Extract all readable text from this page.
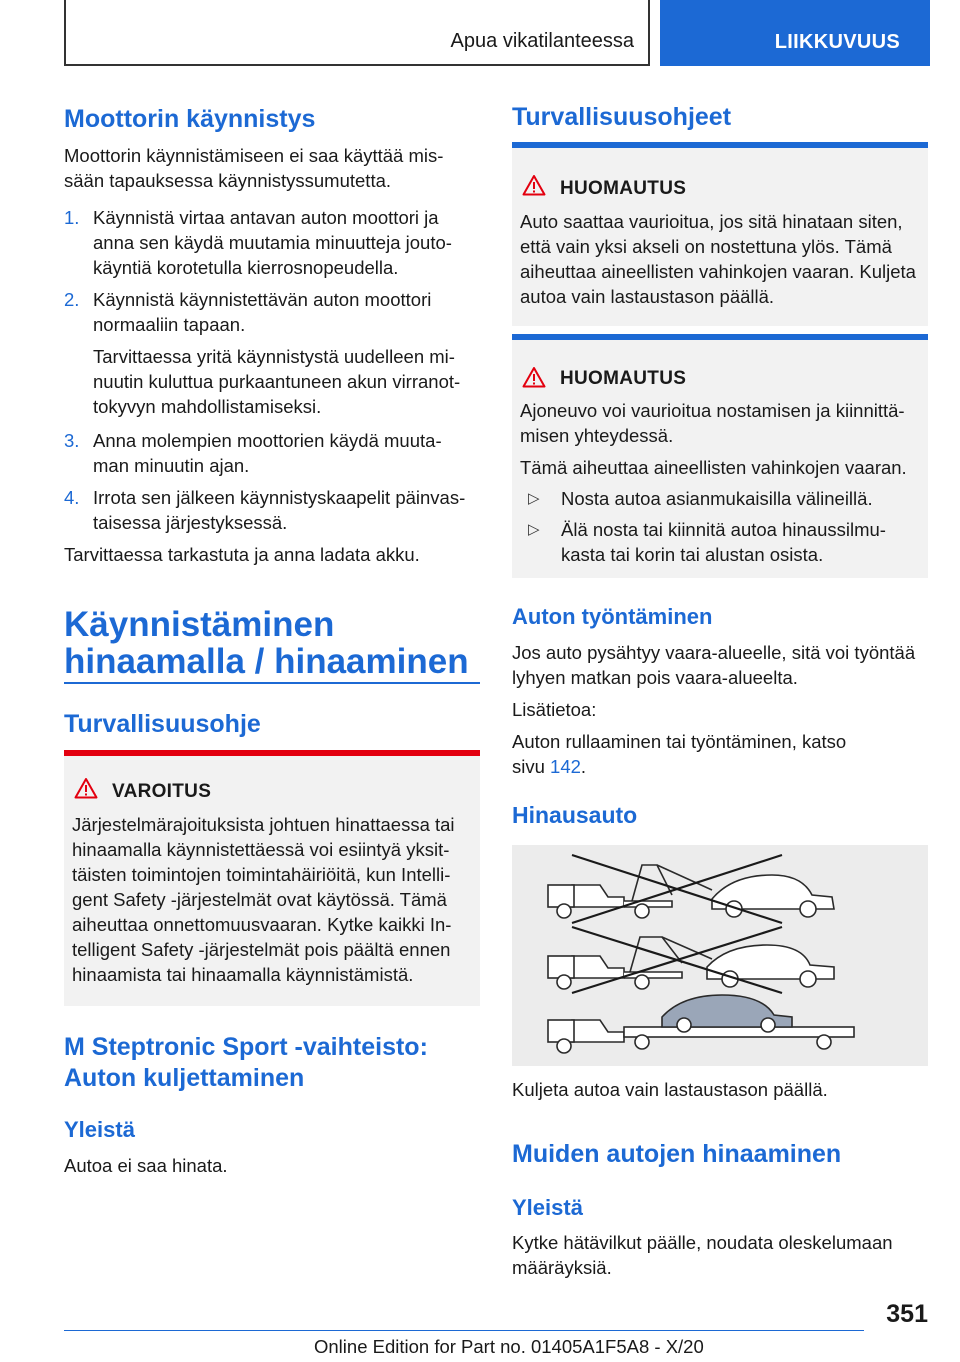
Apua vikatilanteessa	LIIKKUVUUS
Moottorin käynnistys
Moottorin käynnistämiseen ei saa käyttää mis-
sään tapauksessa käynnistyssumutetta.
1. Käynnistä virtaa antavan auton moottori ja
anna sen käydä muutamia minuutteja jouto-
käyntiä korotetulla kierrosnopeudella.
2. Käynnistä käynnistettävän auton moottori
normaaliin tapaan.
Tarvittaessa yritä käynnistystä uudelleen mi-
nuutin kuluttua purkaantuneen akun virranot-
tokyvyn mahdollistamiseksi.
3. Anna molempien moottorien käydä muuta-
man minuutin ajan.
4. Irrota sen jälkeen käynnistyskaapelit päinvas-
taisessa järjestyksessä.
Tarvittaessa tarkastuta ja anna ladata akku.
Käynnistäminen
hinaamalla / hinaaminen
Turvallisuusohje
VAROITUS
Järjestelmärajoituksista johtuen hinattaessa tai
hinaamalla käynnistettäessä voi esiintyä yksit-
täisten toimintojen toimintahäiriöitä, kun Intelli-
gent Safety -järjestelmät ovat käytössä. Tämä
aiheuttaa onnettomuusvaaran. Kytke kaikki In-
telligent Safety -järjestelmät pois päältä ennen
hinaamista tai hinaamalla käynnistämistä.
M Steptronic Sport -vaihteisto:
Auton kuljettaminen
Yleistä
Autoa ei saa hinata.
Turvallisuusohjeet
HUOMAUTUS
Auto saattaa vaurioitua, jos sitä hinataan siten,
että vain yksi akseli on nostettuna ylös. Tämä
aiheuttaa aineellisten vahinkojen vaaran. Kuljeta
autoa vain lastaustason päällä.
HUOMAUTUS
Ajoneuvo voi vaurioitua nostamisen ja kiinnittä-
misen yhteydessä.
Tämä aiheuttaa aineellisten vahinkojen vaaran.
▷ Nosta autoa asianmukaisilla välineillä.
▷ Älä nosta tai kiinnitä autoa hinaussilmu-
kasta tai korin tai alustan osista.
Auton työntäminen
Jos auto pysähtyy vaara-alueelle, sitä voi työntää
lyhyen matkan pois vaara-alueelta.
Lisätietoa:
Auton rullaaminen tai työntäminen, katso
sivu 142.
Hinausauto
Kuljeta autoa vain lastaustason päällä.
Muiden autojen hinaaminen
Yleistä
Kytke hätävilkut päälle, noudata oleskelumaan
määräyksiä.
351
Online Edition for Part no. 01405A1F5A8 - X/20
